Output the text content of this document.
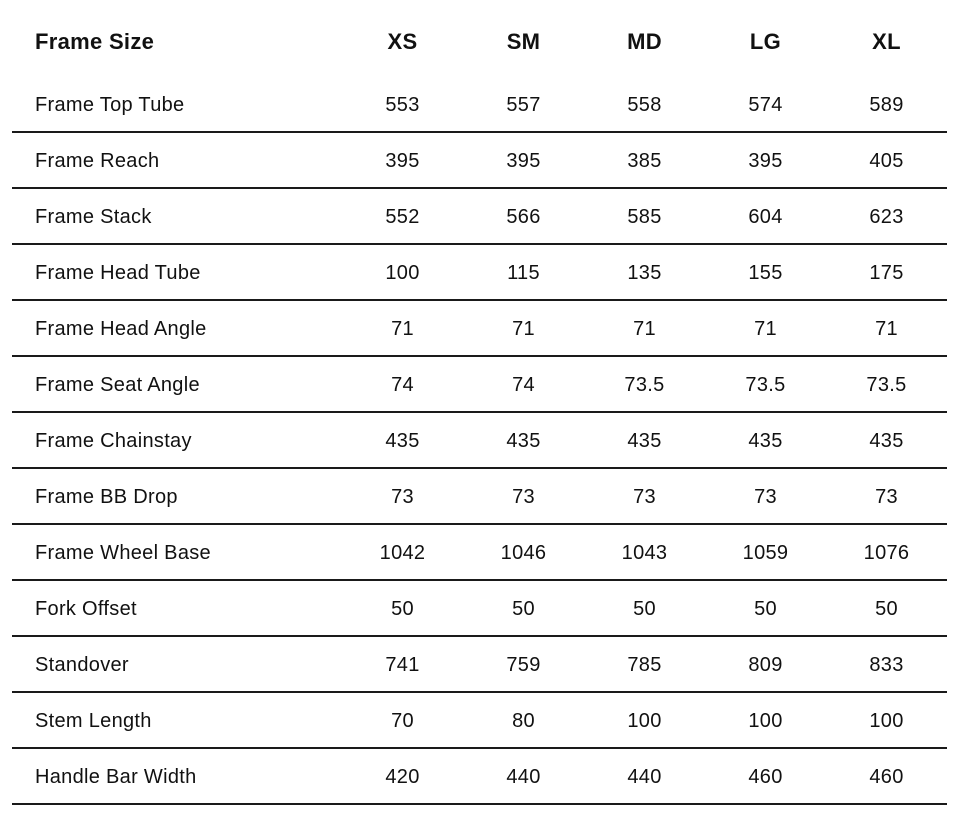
Frame Size	XS	SM	MD	LG	XL
Frame Top Tube	553	557	558	574	589
Frame Reach	395	395	385	395	405
Frame Stack	552	566	585	604	623
Frame Head Tube	100	115	135	155	175
Frame Head Angle	71	71	71	71	71
Frame Seat Angle	74	74	73.5	73.5	73.5
Frame Chainstay	435	435	435	435	435
Frame BB Drop	73	73	73	73	73
Frame Wheel Base	1042	1046	1043	1059	1076
Fork Offset	50	50	50	50	50
Standover	741	759	785	809	833
Stem Length	70	80	100	100	100
Handle Bar Width	420	440	440	460	460
